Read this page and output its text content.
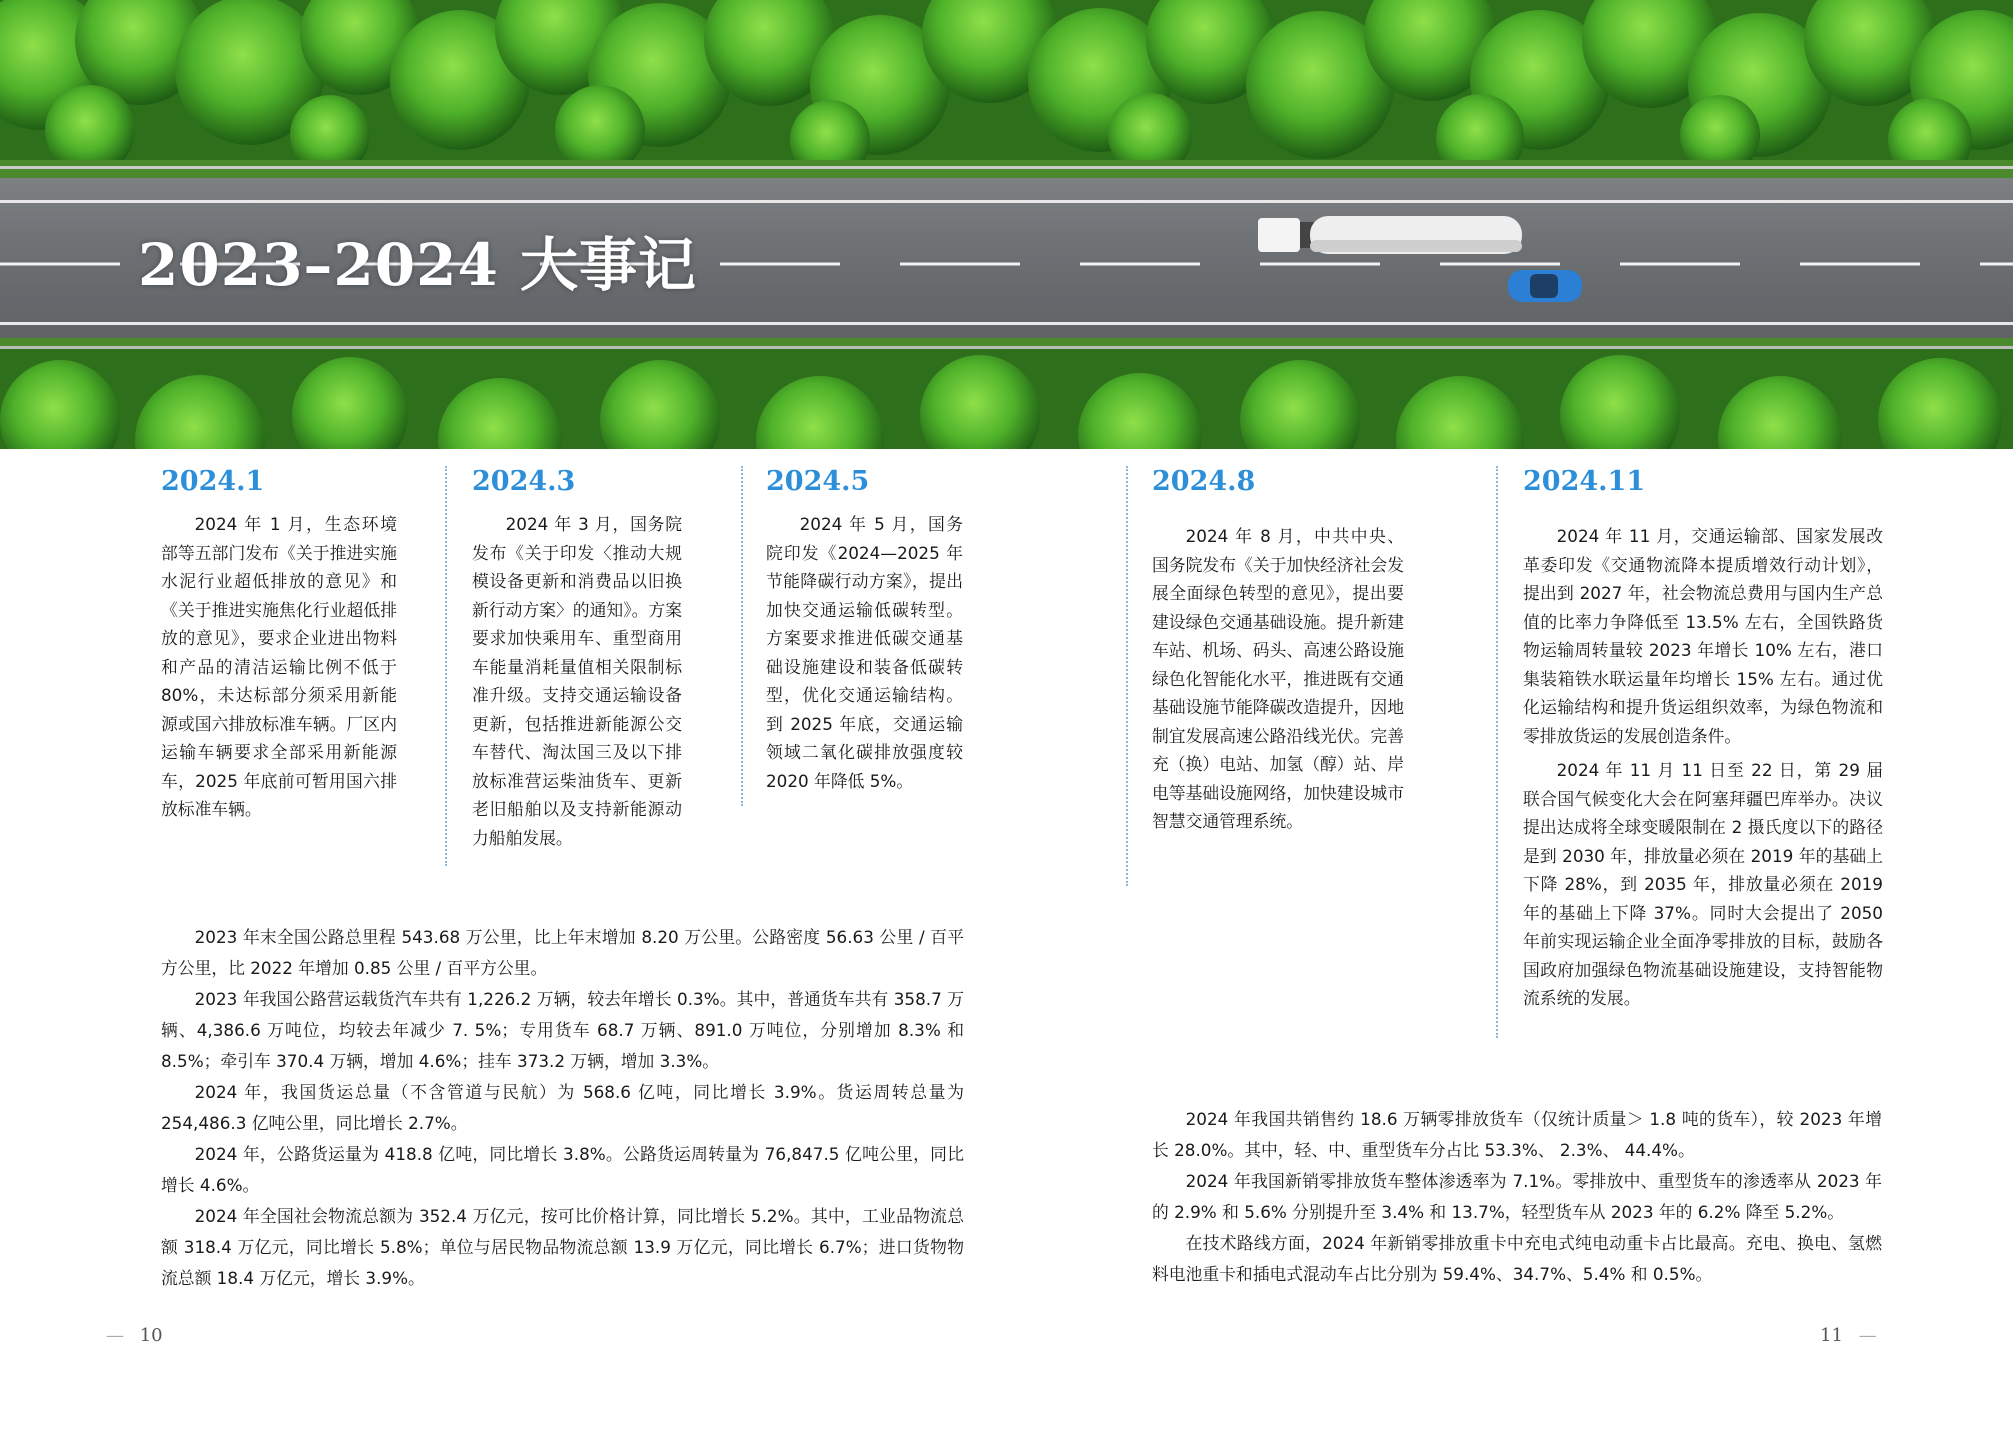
2023–2024 大事记
2024.1

2024 年 1 月，生态环境部等五部门发布《关于推进实施水泥行业超低排放的意见》和《关于推进实施焦化行业超低排放的意见》，要求企业进出物料和产品的清洁运输比例不低于 80%，未达标部分须采用新能源或国六排放标准车辆。厂区内运输车辆要求全部采用新能源车，2025 年底前可暂用国六排放标准车辆。

2024.3

2024 年 3 月，国务院发布《关于印发〈推动大规模设备更新和消费品以旧换新行动方案〉的通知》。方案要求加快乘用车、重型商用车能量消耗量值相关限制标准升级。支持交通运输设备更新，包括推进新能源公交车替代、淘汰国三及以下排放标准营运柴油货车、更新老旧船舶以及支持新能源动力船舶发展。

2024.5

2024 年 5 月，国务院印发《2024—2025 年节能降碳行动方案》，提出加快交通运输低碳转型。方案要求推进低碳交通基础设施建设和装备低碳转型，优化交通运输结构。到 2025 年底，交通运输领域二氧化碳排放强度较 2020 年降低 5%。

2024.8

2024 年 8 月，中共中央、国务院发布《关于加快经济社会发展全面绿色转型的意见》，提出要建设绿色交通基础设施。提升新建车站、机场、码头、高速公路设施绿色化智能化水平，推进既有交通基础设施节能降碳改造提升，因地制宜发展高速公路沿线光伏。完善充（换）电站、加氢（醇）站、岸电等基础设施网络，加快建设城市智慧交通管理系统。

2024.11

2024 年 11 月，交通运输部、国家发展改革委印发《交通物流降本提质增效行动计划》，提出到 2027 年，社会物流总费用与国内生产总值的比率力争降低至 13.5% 左右，全国铁路货物运输周转量较 2023 年增长 10% 左右，港口集装箱铁水联运量年均增长 15% 左右。通过优化运输结构和提升货运组织效率，为绿色物流和零排放货运的发展创造条件。

2024 年 11 月 11 日至 22 日，第 29 届联合国气候变化大会在阿塞拜疆巴库举办。决议提出达成将全球变暖限制在 2 摄氏度以下的路径是到 2030 年，排放量必须在 2019 年的基础上下降 28%，到 2035 年，排放量必须在 2019 年的基础上下降 37%。同时大会提出了 2050 年前实现运输企业全面净零排放的目标，鼓励各国政府加强绿色物流基础设施建设，支持智能物流系统的发展。

2023 年末全国公路总里程 543.68 万公里，比上年末增加 8.20 万公里。公路密度 56.63 公里 / 百平方公里，比 2022 年增加 0.85 公里 / 百平方公里。

2023 年我国公路营运载货汽车共有 1,226.2 万辆，较去年增长 0.3%。其中，普通货车共有 358.7 万辆、4,386.6 万吨位，均较去年减少 7. 5%；专用货车 68.7 万辆、891.0 万吨位，分别增加 8.3% 和 8.5%；牵引车 370.4 万辆，增加 4.6%；挂车 373.2 万辆，增加 3.3%。

2024 年，我国货运总量（不含管道与民航）为 568.6 亿吨，同比增长 3.9%。货运周转总量为 254,486.3 亿吨公里，同比增长 2.7%。

2024 年，公路货运量为 418.8 亿吨，同比增长 3.8%。公路货运周转量为 76,847.5 亿吨公里，同比增长 4.6%。

2024 年全国社会物流总额为 352.4 万亿元，按可比价格计算，同比增长 5.2%。其中，工业品物流总额 318.4 万亿元，同比增长 5.8%；单位与居民物品物流总额 13.9 万亿元，同比增长 6.7%；进口货物物流总额 18.4 万亿元，增长 3.9%。

2024 年我国共销售约 18.6 万辆零排放货车（仅统计质量＞ 1.8 吨的货车），较 2023 年增长 28.0%。其中，轻、中、重型货车分占比 53.3%、 2.3%、 44.4%。

2024 年我国新销零排放货车整体渗透率为 7.1%。零排放中、重型货车的渗透率从 2023 年的 2.9% 和 5.6% 分别提升至 3.4% 和 13.7%，轻型货车从 2023 年的 6.2% 降至 5.2%。

在技术路线方面，2024 年新销零排放重卡中充电式纯电动重卡占比最高。充电、换电、氢燃料电池重卡和插电式混动车占比分别为 59.4%、34.7%、5.4% 和 0.5%。

— 10	11 —
